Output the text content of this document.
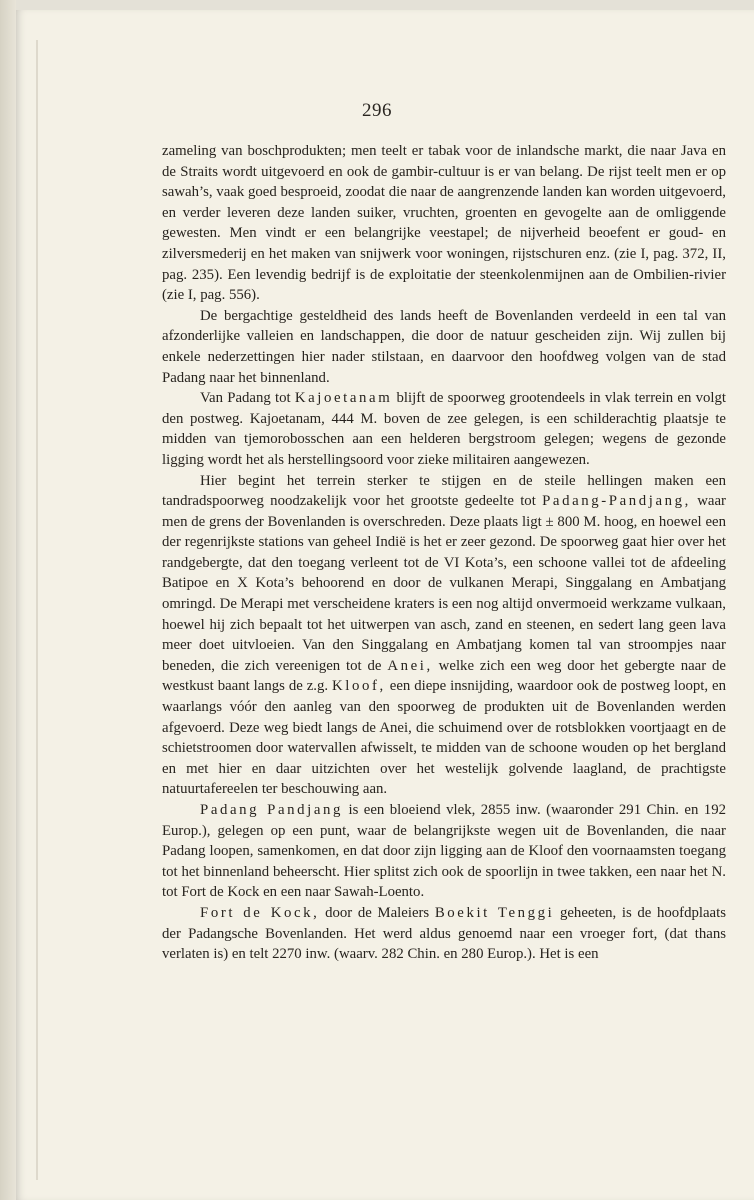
296

zameling van boschprodukten; men teelt er tabak voor de inlandsche markt, die naar Java en de Straits wordt uitgevoerd en ook de gambir-cultuur is er van belang. De rijst teelt men er op sawah’s, vaak goed besproeid, zoodat die naar de aangrenzende landen kan worden uitgevoerd, en verder leveren deze landen suiker, vruchten, groenten en gevogelte aan de omliggende gewesten. Men vindt er een belangrijke veestapel; de nijverheid beoefent er goud- en zilversmederij en het maken van snijwerk voor woningen, rijstschuren enz. (zie I, pag. 372, II, pag. 235). Een levendig bedrijf is de exploitatie der steenkolenmijnen aan de Ombilien-rivier (zie I, pag. 556).

De bergachtige gesteldheid des lands heeft de Bovenlanden verdeeld in een tal van afzonderlijke valleien en landschappen, die door de natuur gescheiden zijn. Wij zullen bij enkele nederzettingen hier nader stilstaan, en daarvoor den hoofdweg volgen van de stad Padang naar het binnenland.

Van Padang tot Kajoetanam blijft de spoorweg grootendeels in vlak terrein en volgt den postweg. Kajoetanam, 444 M. boven de zee gelegen, is een schilderachtig plaatsje te midden van tjemorobosschen aan een helderen bergstroom gelegen; wegens de gezonde ligging wordt het als herstellingsoord voor zieke militairen aangewezen.

Hier begint het terrein sterker te stijgen en de steile hellingen maken een tandradspoorweg noodzakelijk voor het grootste gedeelte tot Padang-Pandjang, waar men de grens der Bovenlanden is overschreden. Deze plaats ligt ± 800 M. hoog, en hoewel een der regenrijkste stations van geheel Indië is het er zeer gezond. De spoorweg gaat hier over het randgebergte, dat den toegang verleent tot de VI Kota’s, een schoone vallei tot de afdeeling Batipoe en X Kota’s behoorend en door de vulkanen Merapi, Singgalang en Ambatjang omringd. De Merapi met verscheidene kraters is een nog altijd onvermoeid werkzame vulkaan, hoewel hij zich bepaalt tot het uitwerpen van asch, zand en steenen, en sedert lang geen lava meer doet uitvloeien. Van den Singgalang en Ambatjang komen tal van stroompjes naar beneden, die zich vereenigen tot de Anei, welke zich een weg door het gebergte naar de westkust baant langs de z.g. Kloof, een diepe insnijding, waardoor ook de postweg loopt, en waarlangs vóór den aanleg van den spoorweg de produkten uit de Bovenlanden werden afgevoerd. Deze weg biedt langs de Anei, die schuimend over de rotsblokken voortjaagt en de schietstroomen door watervallen afwisselt, te midden van de schoone wouden op het bergland en met hier en daar uitzichten over het westelijk golvende laagland, de prachtigste natuurtafereelen ter beschouwing aan.

Padang Pandjang is een bloeiend vlek, 2855 inw. (waaronder 291 Chin. en 192 Europ.), gelegen op een punt, waar de belangrijkste wegen uit de Bovenlanden, die naar Padang loopen, samenkomen, en dat door zijn ligging aan de Kloof den voornaamsten toegang tot het binnenland beheerscht. Hier splitst zich ook de spoorlijn in twee takken, een naar het N. tot Fort de Kock en een naar Sawah-Loento.

Fort de Kock, door de Maleiers Boekit Tenggi geheeten, is de hoofdplaats der Padangsche Bovenlanden. Het werd aldus genoemd naar een vroeger fort, (dat thans verlaten is) en telt 2270 inw. (waarv. 282 Chin. en 280 Europ.). Het is een
